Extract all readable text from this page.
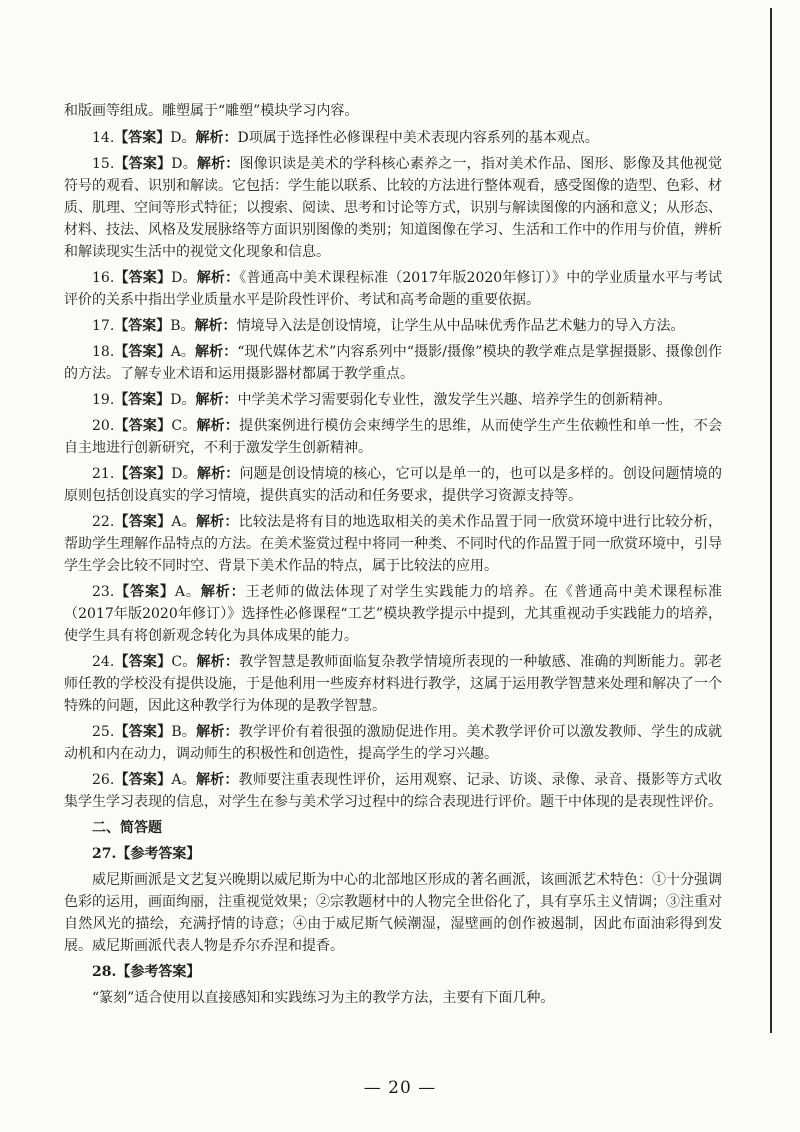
和版画等组成。雕塑属于“雕塑”模块学习内容。

14.【答案】D。解析：D项属于选择性必修课程中美术表现内容系列的基本观点。

15.【答案】D。解析：图像识读是美术的学科核心素养之一，指对美术作品、图形、影像及其他视觉符号的观看、识别和解读。它包括：学生能以联系、比较的方法进行整体观看，感受图像的造型、色彩、材质、肌理、空间等形式特征；以搜索、阅读、思考和讨论等方式，识别与解读图像的内涵和意义；从形态、材料、技法、风格及发展脉络等方面识别图像的类别；知道图像在学习、生活和工作中的作用与价值，辨析和解读现实生活中的视觉文化现象和信息。

16.【答案】D。解析：《普通高中美术课程标准（2017年版2020年修订）》中的学业质量水平与考试评价的关系中指出学业质量水平是阶段性评价、考试和高考命题的重要依据。

17.【答案】B。解析：情境导入法是创设情境，让学生从中品味优秀作品艺术魅力的导入方法。

18.【答案】A。解析：“现代媒体艺术”内容系列中“摄影/摄像”模块的教学难点是掌握摄影、摄像创作的方法。了解专业术语和运用摄影器材都属于教学重点。

19.【答案】D。解析：中学美术学习需要弱化专业性，激发学生兴趣、培养学生的创新精神。

20.【答案】C。解析：提供案例进行模仿会束缚学生的思维，从而使学生产生依赖性和单一性，不会自主地进行创新研究，不利于激发学生创新精神。

21.【答案】D。解析：问题是创设情境的核心，它可以是单一的，也可以是多样的。创设问题情境的原则包括创设真实的学习情境，提供真实的活动和任务要求，提供学习资源支持等。

22.【答案】A。解析：比较法是将有目的地选取相关的美术作品置于同一欣赏环境中进行比较分析，帮助学生理解作品特点的方法。在美术鉴赏过程中将同一种类、不同时代的作品置于同一欣赏环境中，引导学生学会比较不同时空、背景下美术作品的特点，属于比较法的应用。

23.【答案】A。解析：王老师的做法体现了对学生实践能力的培养。在《普通高中美术课程标准（2017年版2020年修订）》选择性必修课程“工艺”模块教学提示中提到，尤其重视动手实践能力的培养，使学生具有将创新观念转化为具体成果的能力。

24.【答案】C。解析：教学智慧是教师面临复杂教学情境所表现的一种敏感、准确的判断能力。郭老师任教的学校没有提供设施，于是他利用一些废弃材料进行教学，这属于运用教学智慧来处理和解决了一个特殊的问题，因此这种教学行为体现的是教学智慧。

25.【答案】B。解析：教学评价有着很强的激励促进作用。美术教学评价可以激发教师、学生的成就动机和内在动力，调动师生的积极性和创造性，提高学生的学习兴趣。

26.【答案】A。解析：教师要注重表现性评价，运用观察、记录、访谈、录像、录音、摄影等方式收集学生学习表现的信息，对学生在参与美术学习过程中的综合表现进行评价。题干中体现的是表现性评价。

二、简答题

27.【参考答案】

威尼斯画派是文艺复兴晚期以威尼斯为中心的北部地区形成的著名画派，该画派艺术特色：①十分强调色彩的运用，画面绚丽，注重视觉效果；②宗教题材中的人物完全世俗化了，具有享乐主义情调；③注重对自然风光的描绘，充满抒情的诗意；④由于威尼斯气候潮湿，湿壁画的创作被遏制，因此布面油彩得到发展。威尼斯画派代表人物是乔尔乔涅和提香。

28.【参考答案】

“篆刻”适合使用以直接感知和实践练习为主的教学方法，主要有下面几种。

— 20 —
